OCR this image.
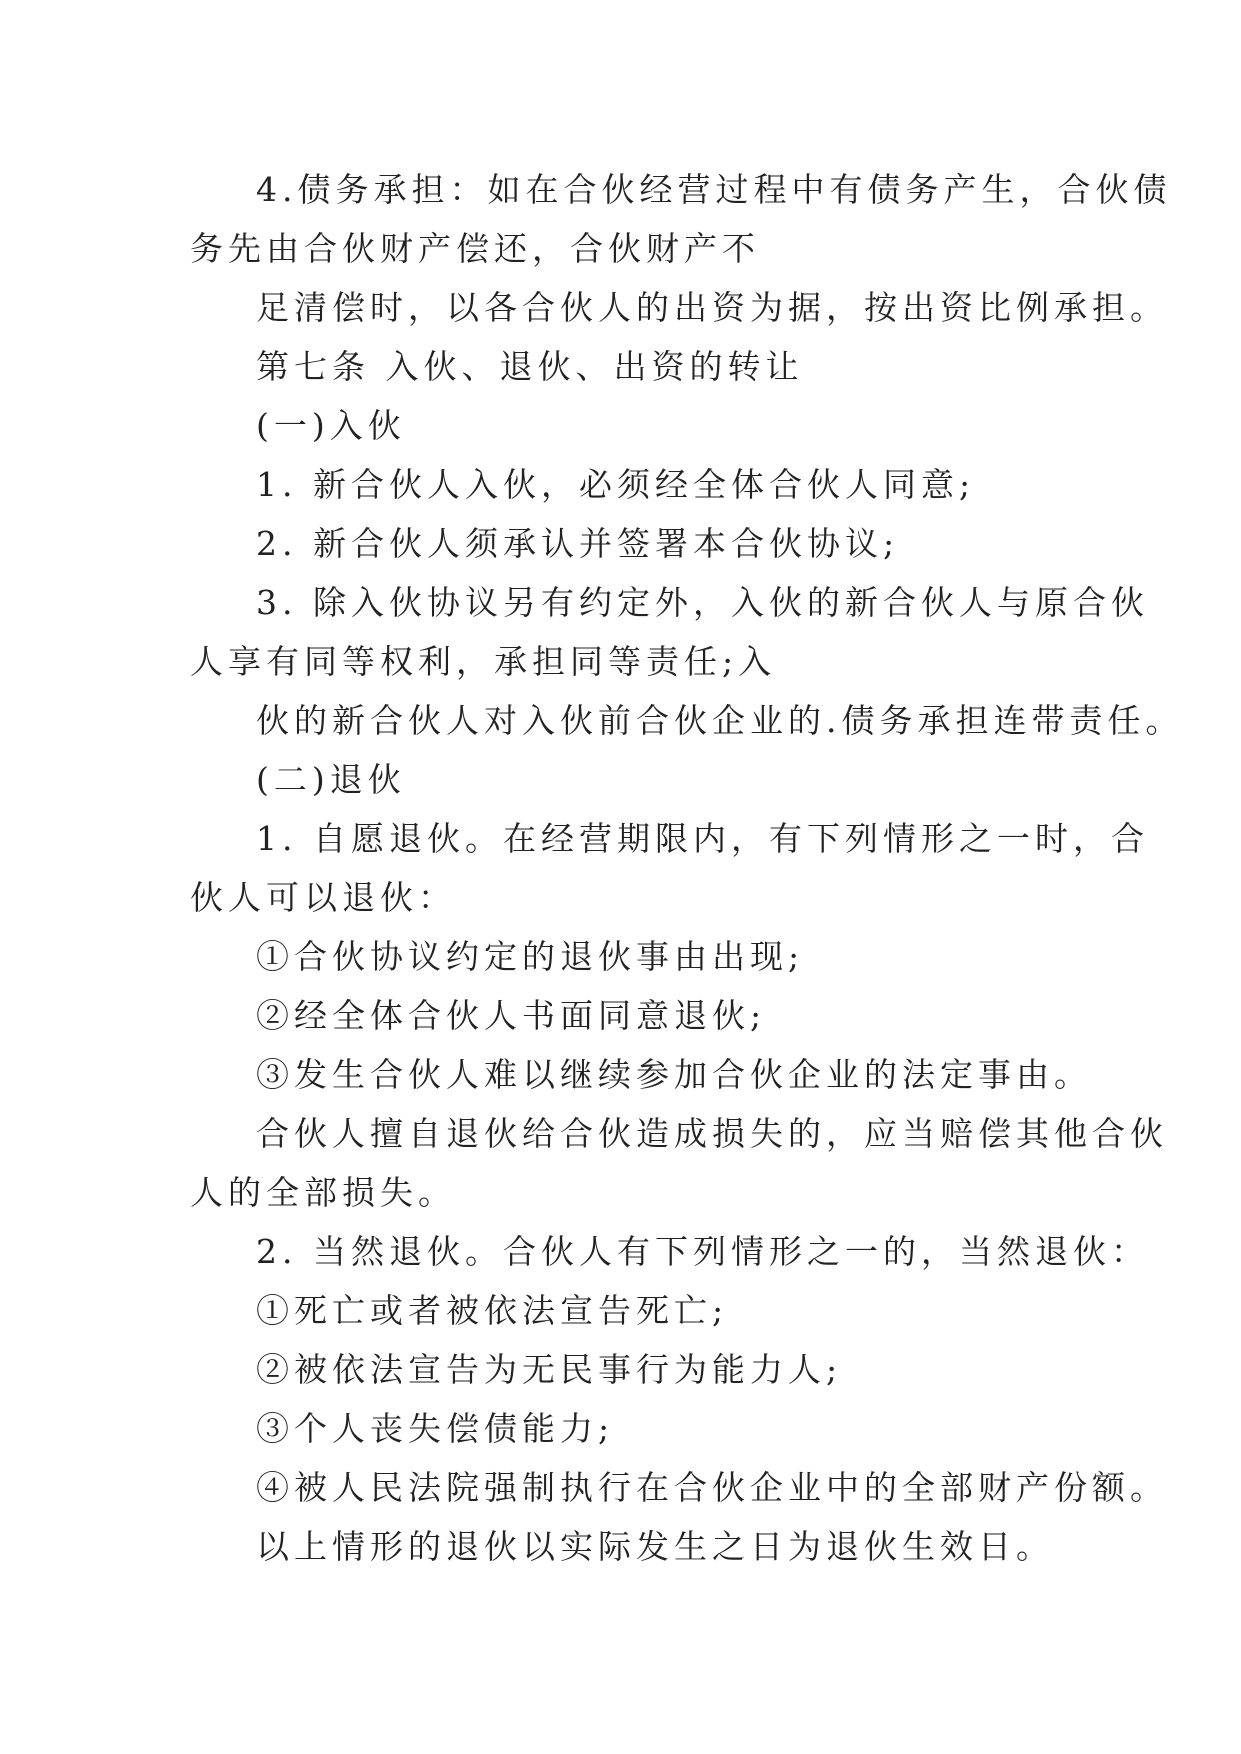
4.债务承担：如在合伙经营过程中有债务产生，合伙债
务先由合伙财产偿还，合伙财产不
足清偿时，以各合伙人的出资为据，按出资比例承担。
第七条 入伙、退伙、出资的转让
(一)入伙
1. 新合伙人入伙，必须经全体合伙人同意;
2. 新合伙人须承认并签署本合伙协议;
3. 除入伙协议另有约定外，入伙的新合伙人与原合伙
人享有同等权利，承担同等责任;入
伙的新合伙人对入伙前合伙企业的.债务承担连带责任。
(二)退伙
1. 自愿退伙。在经营期限内，有下列情形之一时，合
伙人可以退伙：
①合伙协议约定的退伙事由出现;
②经全体合伙人书面同意退伙;
③发生合伙人难以继续参加合伙企业的法定事由。
合伙人擅自退伙给合伙造成损失的，应当赔偿其他合伙
人的全部损失。
2. 当然退伙。合伙人有下列情形之一的，当然退伙：
①死亡或者被依法宣告死亡;
②被依法宣告为无民事行为能力人;
③个人丧失偿债能力;
④被人民法院强制执行在合伙企业中的全部财产份额。
以上情形的退伙以实际发生之日为退伙生效日。
